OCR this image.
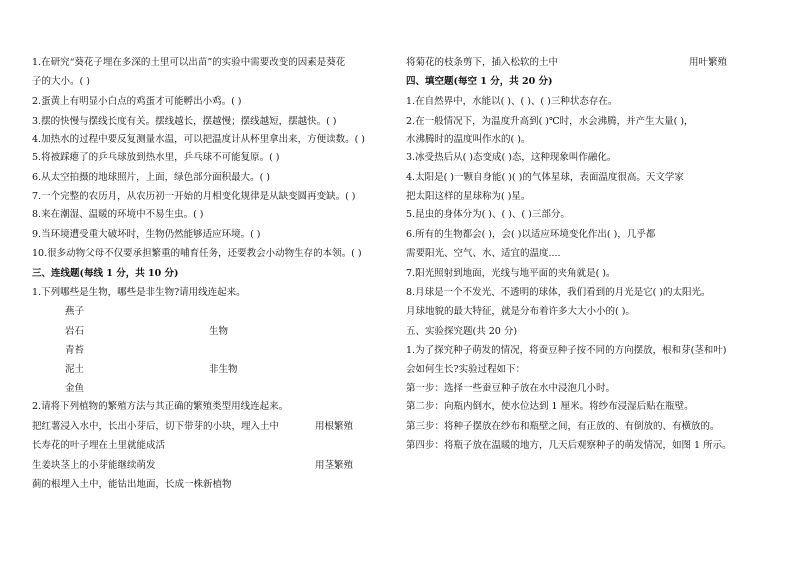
1.在研究“葵花子埋在多深的土里可以出苗”的实验中需要改变的因素是葵花
子的大小。( )
2.蛋黄上有明显小白点的鸡蛋才可能孵出小鸡。( )
3.摆的快慢与摆线长度有关。摆线越长，摆越慢；摆线越短，摆越快。( )
4.加热水的过程中要反复测量水温，可以把温度计从杯里拿出来，方便读数。( )
5.将被踩瘪了的乒乓球放到热水里，乒乓球不可能复原。( )
6.从太空拍摄的地球照片，上面，绿色部分面积最大。( )
7.一个完整的农历月，从农历初一开始的月相变化规律是从缺变圆再变缺。( )
8.来在潮湿、温暖的环境中不易生虫。( )
9.当环境遭受重大破坏时，生物仍然能够适应环境。( )
10.很多动物父母不仅要承担繁重的哺育任务，还要教会小动物生存的本领。( )
三、连线题(每线 1 分，共 10 分)
1.下列哪些是生物，哪些是非生物?请用线连起来。
燕子
岩石	生物
青苔
泥土	非生物
金鱼
2.请将下列植物的繁殖方法与其正确的繁殖类型用线连起来。
把红薯浸入水中，长出小芽后，切下带芽的小块，埋入土中	用根繁殖
长寿花的叶子埋在土里就能成活
生姜块茎上的小芽能继续萌发	用茎繁殖
蓟的根埋入土中，能钻出地面，长成一株新植物
将菊花的枝条剪下，插入松软的土中	用叶繁殖
四、填空题(每空 1 分，共 20 分)
1.在自然界中，水能以( )、( )、( )三种状态存在。
2.在一般情况下，为温度升高到( )℃时，水会沸腾，并产生大量( )，
水沸腾时的温度叫作水的( )。
3.冰受热后从( )态变成( )态，这种现象叫作融化。
4.太阳是( )一颗自身能( )( )的气体星球，表面温度很高。天文学家
把太阳这样的星球称为( )星。
5.昆虫的身体分为( )、( )、( )三部分。
6.所有的生物都会( )，会( )以适应环境变化作出( )，几乎都
需要阳光、空气、水、适宜的温度....
7.阳光照射到地面，光线与地平面的夹角就是( )。
8.月球是一个不发光、不透明的球体，我们看到的月光是它( )的太阳光。
月球地貌的最大特征，就是分布着许多大大小小的( )。
五、实验探究题(共 20 分)
1.为了探究种子萌发的情况，将蚕豆种子按不同的方向摆放，根和芽(茎和叶)
会如何生长?实验过程如下：
第一步：选择一些蚕豆种子放在水中浸泡几小时。
第二步：向瓶内倒水，使水位达到 1 厘米。将纱布浸湿后贴在瓶壁。
第三步：将种子摆放在纱布和瓶壁之间，有正放的、有倒放的、有横放的。
第四步：将瓶子放在温暖的地方，几天后观察种子的萌发情况，如图 1 所示。
